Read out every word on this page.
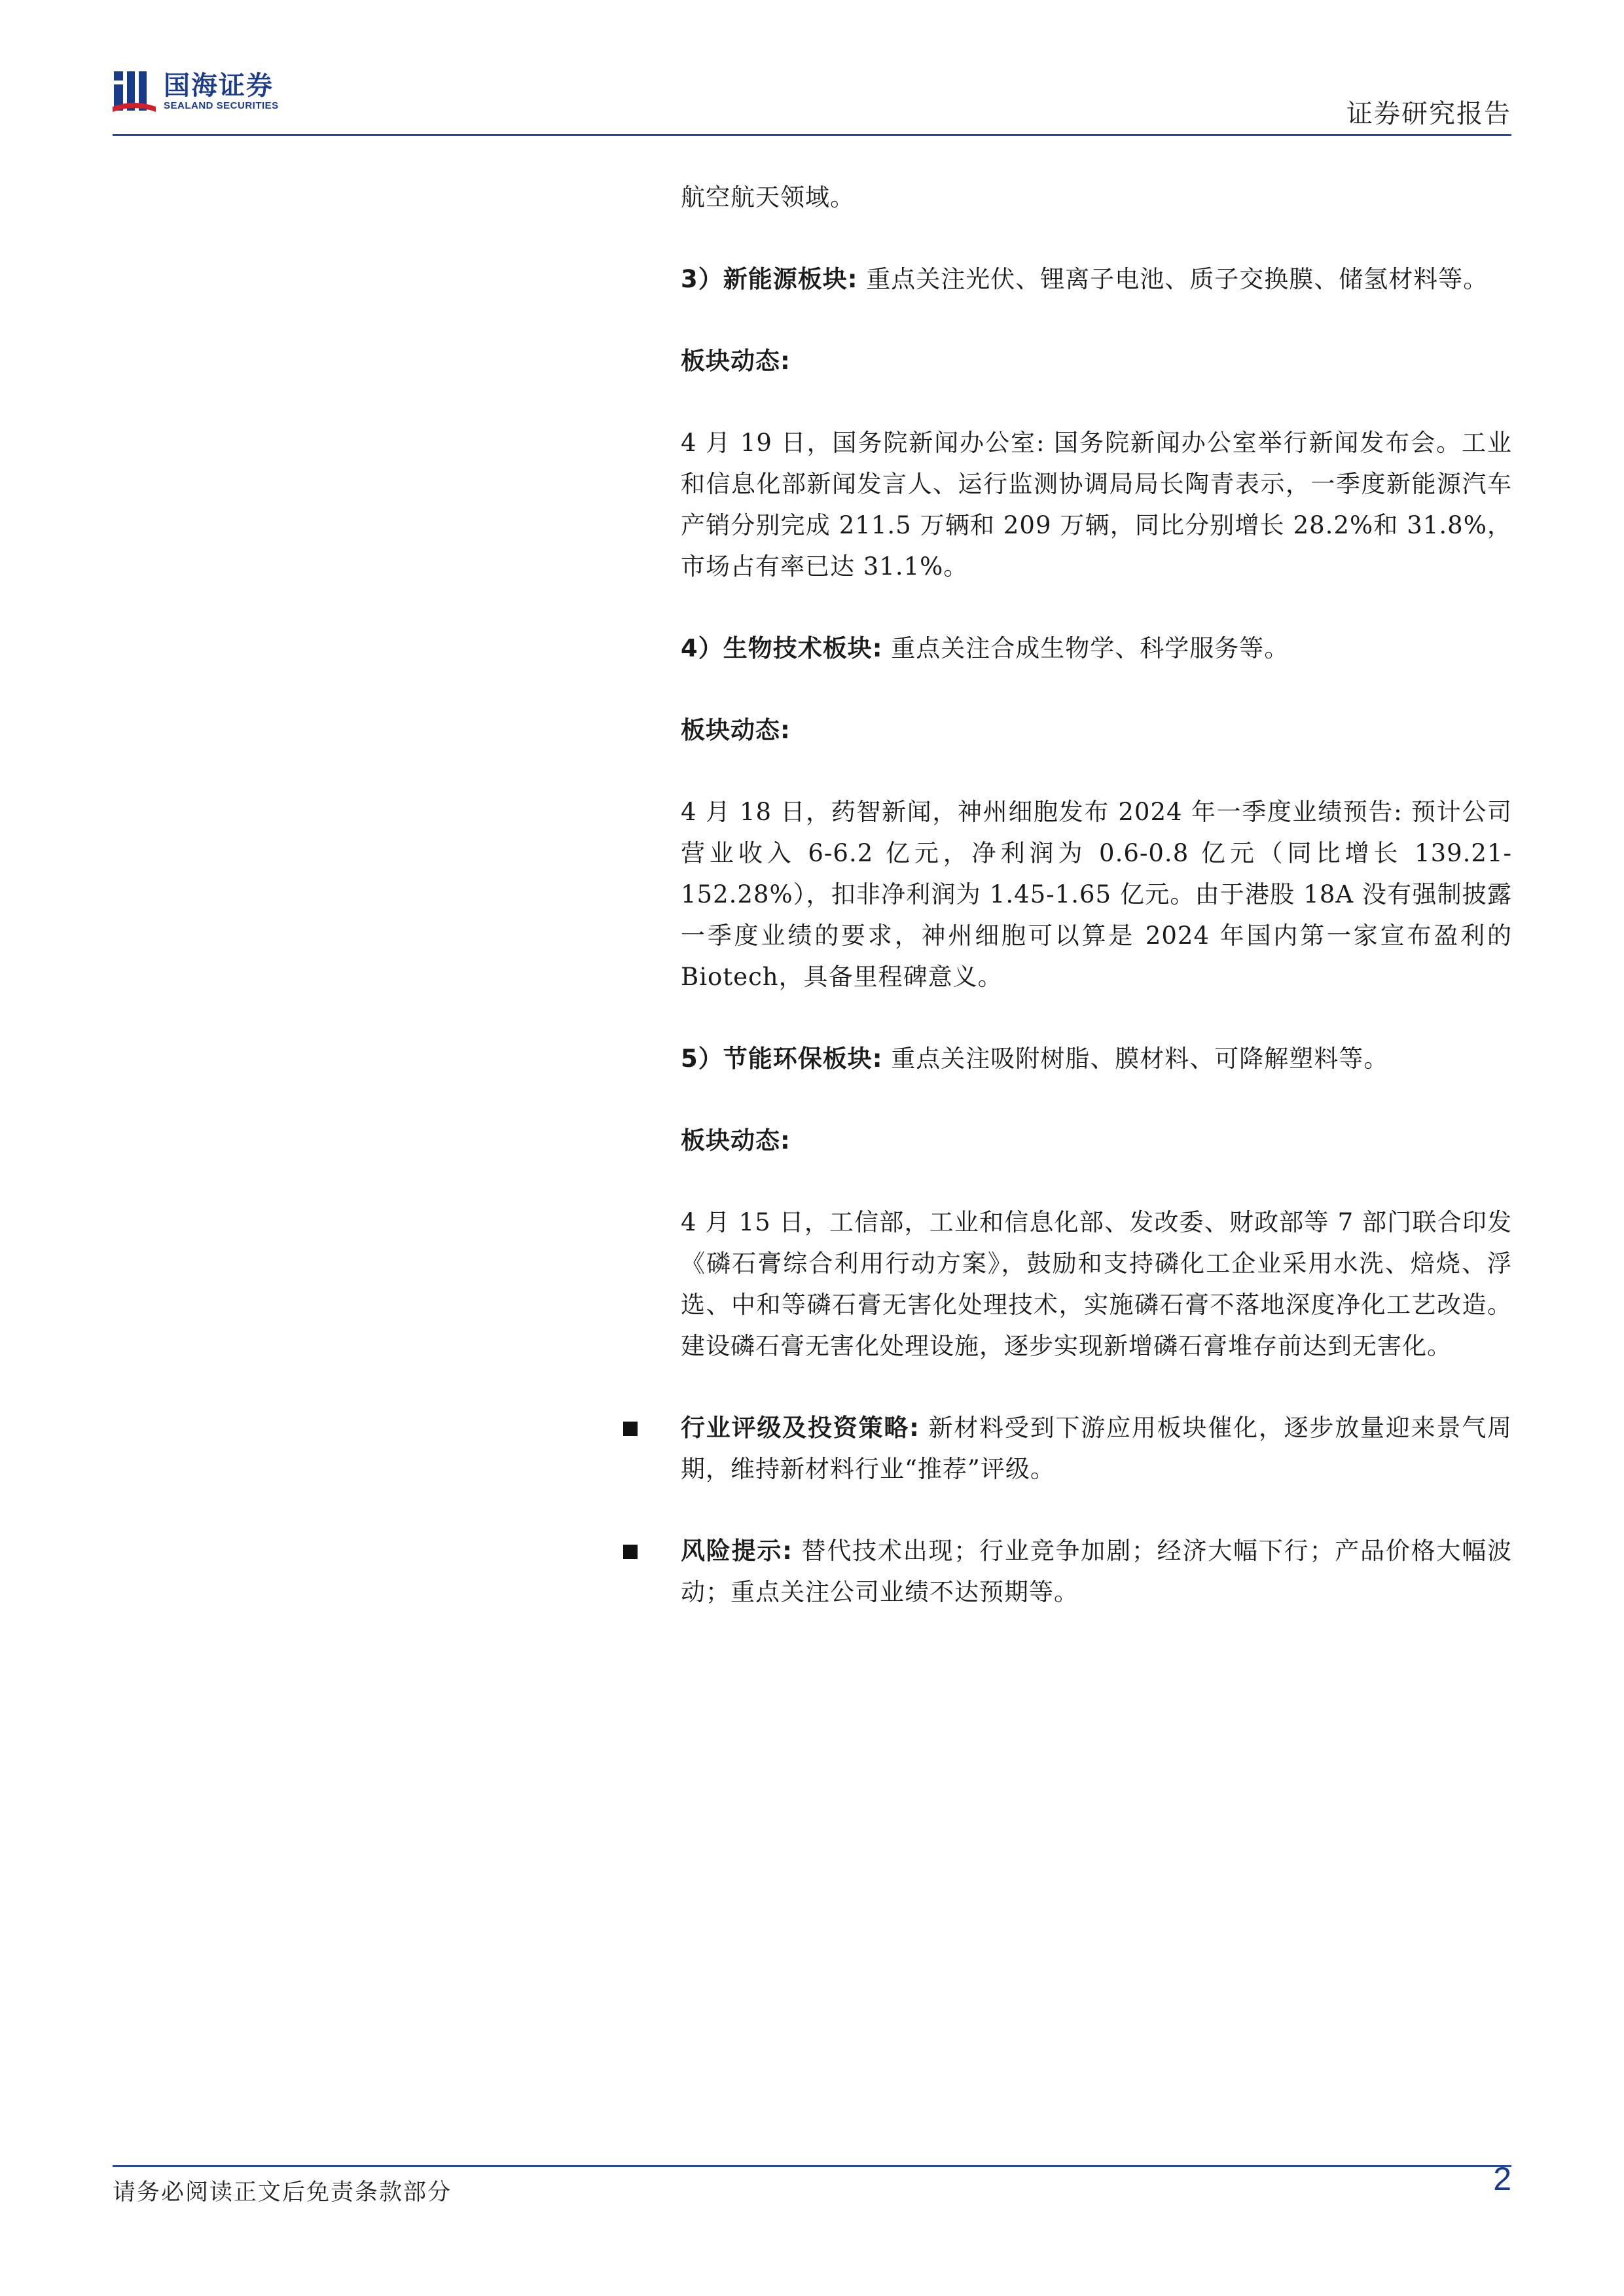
国海证券
SEALAND SECURITIES	证券研究报告

航空航天领域。

3）新能源板块: 重点关注光伏、锂离子电池、质子交换膜、储氢材料等。

板块动态:

4 月 19 日，国务院新闻办公室: 国务院新闻办公室举行新闻发布会。工业和信息化部新闻发言人、运行监测协调局局长陶青表示，一季度新能源汽车产销分别完成 211.5 万辆和 209 万辆，同比分别增长 28.2%和 31.8%，市场占有率已达 31.1%。

4）生物技术板块: 重点关注合成生物学、科学服务等。

板块动态:

4 月 18 日，药智新闻，神州细胞发布 2024 年一季度业绩预告: 预计公司营业收入 6-6.2 亿元，净利润为 0.6-0.8 亿元（同比增长 139.21-152.28%），扣非净利润为 1.45-1.65 亿元。由于港股 18A 没有强制披露一季度业绩的要求，神州细胞可以算是 2024 年国内第一家宣布盈利的 Biotech，具备里程碑意义。

5）节能环保板块: 重点关注吸附树脂、膜材料、可降解塑料等。

板块动态:

4 月 15 日，工信部，工业和信息化部、发改委、财政部等 7 部门联合印发《磷石膏综合利用行动方案》，鼓励和支持磷化工企业采用水洗、焙烧、浮选、中和等磷石膏无害化处理技术，实施磷石膏不落地深度净化工艺改造。建设磷石膏无害化处理设施，逐步实现新增磷石膏堆存前达到无害化。

行业评级及投资策略: 新材料受到下游应用板块催化，逐步放量迎来景气周期，维持新材料行业“推荐”评级。

风险提示: 替代技术出现；行业竞争加剧；经济大幅下行；产品价格大幅波动；重点关注公司业绩不达预期等。

请务必阅读正文后免责条款部分	2
